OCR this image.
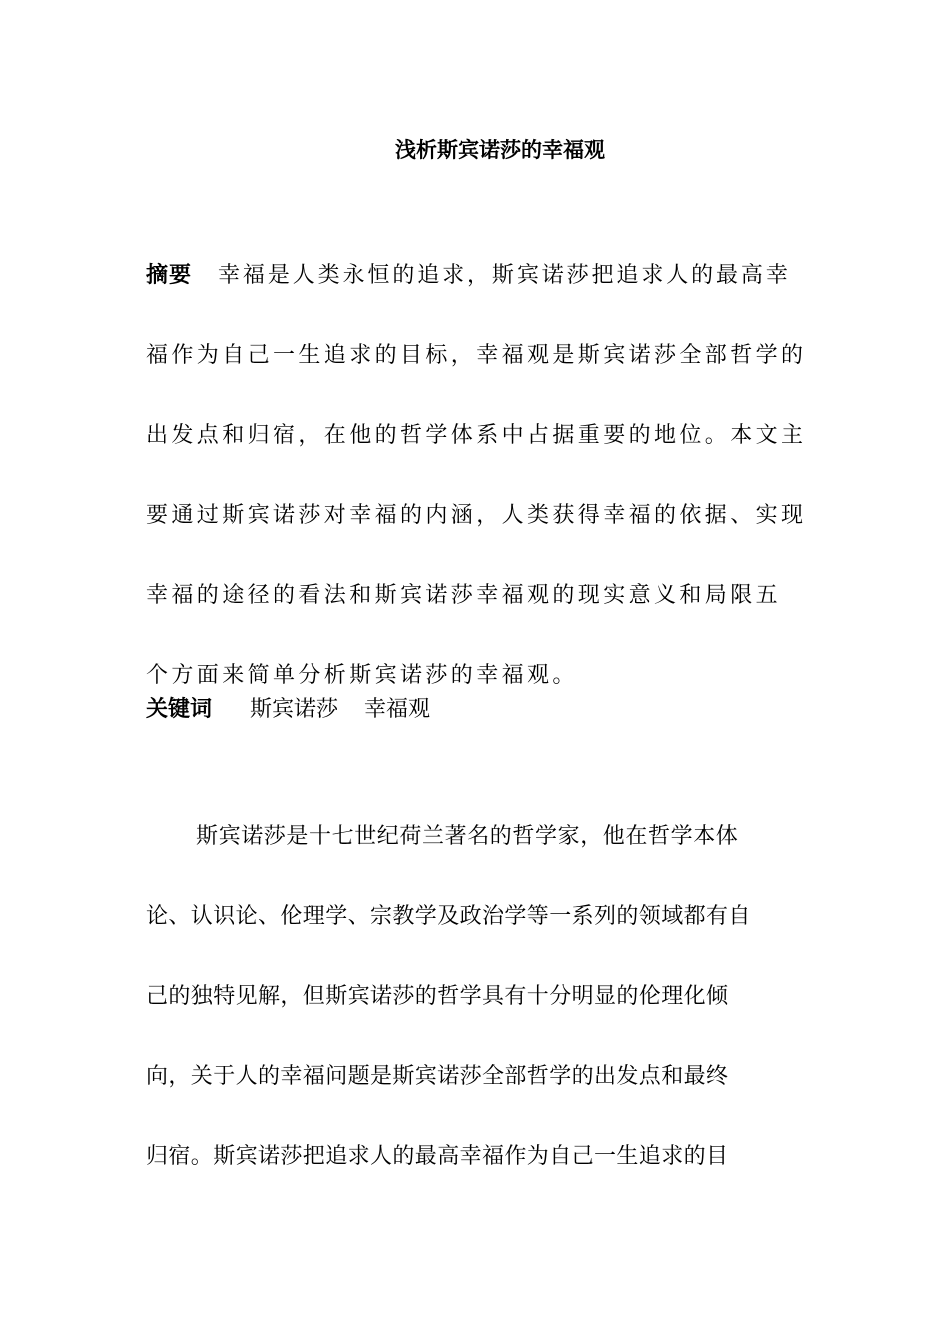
浅析斯宾诺莎的幸福观
摘要 幸福是人类永恒的追求，斯宾诺莎把追求人的最高幸
福作为自己一生追求的目标，幸福观是斯宾诺莎全部哲学的
出发点和归宿，在他的哲学体系中占据重要的地位。本文主
要通过斯宾诺莎对幸福的内涵，人类获得幸福的依据、实现
幸福的途径的看法和斯宾诺莎幸福观的现实意义和局限五
个方面来简单分析斯宾诺莎的幸福观。
关键词 斯宾诺莎 幸福观
斯宾诺莎是十七世纪荷兰著名的哲学家，他在哲学本体
论、认识论、伦理学、宗教学及政治学等一系列的领域都有自
己的独特见解，但斯宾诺莎的哲学具有十分明显的伦理化倾
向，关于人的幸福问题是斯宾诺莎全部哲学的出发点和最终
归宿。斯宾诺莎把追求人的最高幸福作为自己一生追求的目
